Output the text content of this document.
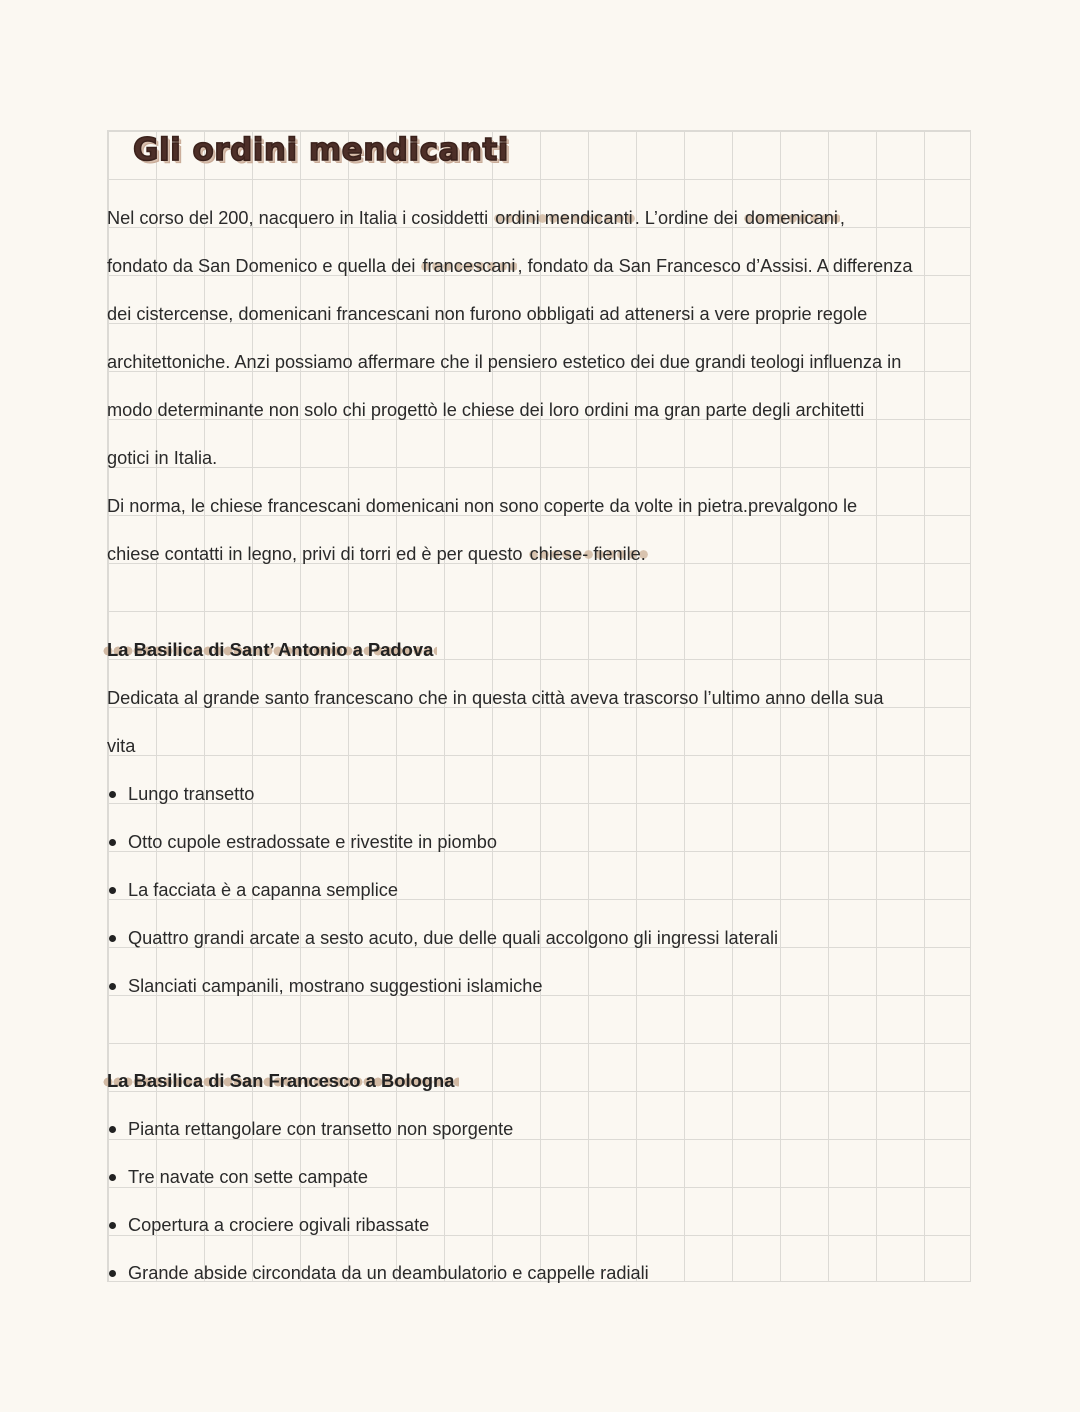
Gli ordini mendicanti
Nel corso del 200, nacquero in Italia i cosiddetti ordini mendicanti . L’ordine dei domenicani ,
fondato da San Domenico e quella dei francescani , fondato da San Francesco d’Assisi. A differenza
dei cistercense, domenicani francescani non furono obbligati ad attenersi a vere proprie regole
architettoniche. Anzi possiamo affermare che il pensiero estetico dei due grandi teologi influenza in
modo determinante non solo chi progettò le chiese dei loro ordini ma gran parte degli architetti
gotici in Italia.
Di norma, le chiese francescani domenicani non sono coperte da volte in pietra.prevalgono le
chiese contatti in legno, privi di torri ed è per questo chiese- fienile.
La Basilica di Sant’ Antonio a Padova
Dedicata al grande santo francescano che in questa città aveva trascorso l’ultimo anno della sua
vita
Lungo transetto
Otto cupole estradossate e rivestite in piombo
La facciata è a capanna semplice
Quattro grandi arcate a sesto acuto, due delle quali accolgono gli ingressi laterali
Slanciati campanili, mostrano suggestioni islamiche
La Basilica di San Francesco a Bologna
Pianta rettangolare con transetto non sporgente
Tre navate con sette campate
Copertura a crociere ogivali ribassate
Grande abside circondata da un deambulatorio e cappelle radiali
